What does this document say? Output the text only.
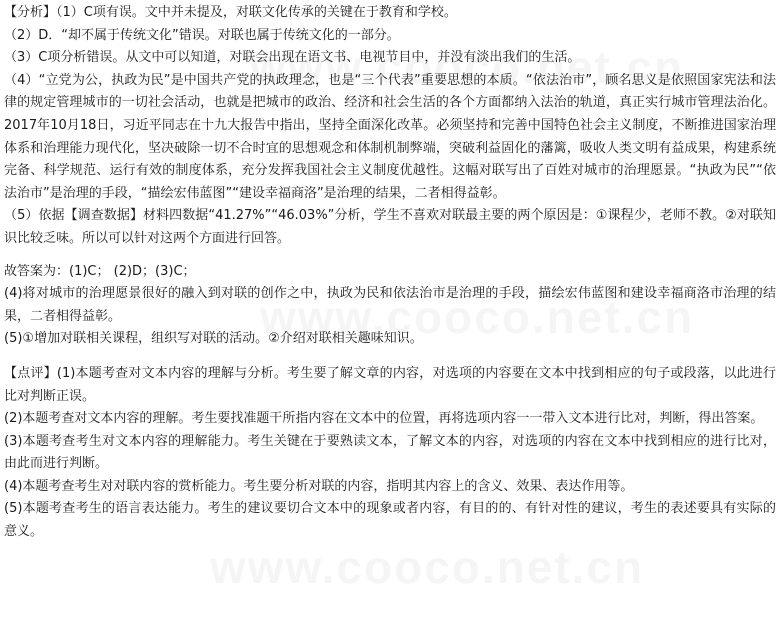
【分析】（1）C项有误。文中并未提及，对联文化传承的关键在于教育和学校。

（2）D．“却不属于传统文化”错误。对联也属于传统文化的一部分。

（3）C项分析错误。从文中可以知道，对联会出现在语文书、电视节目中，并没有淡出我们的生活。

（4）“立党为公，执政为民”是中国共产党的执政理念，也是“三个代表”重要思想的本质。“依法治市”，顾名思义是依照国家宪法和法律的规定管理城市的一切社会活动，也就是把城市的政治、经济和社会生活的各个方面都纳入法治的轨道，真正实行城市管理法治化。2017年10月18日，习近平同志在十九大报告中指出，坚持全面深化改革。必须坚持和完善中国特色社会主义制度，不断推进国家治理体系和治理能力现代化，坚决破除一切不合时宜的思想观念和体制机制弊端，突破利益固化的藩篱，吸收人类文明有益成果，构建系统完备、科学规范、运行有效的制度体系，充分发挥我国社会主义制度优越性。这幅对联写出了百姓对城市的治理愿景。“执政为民”“依法治市”是治理的手段，“描绘宏伟蓝图”“建设幸福商洛”是治理的结果，二者相得益彰。

（5）依据【调查数据】材料四数据“41.27%”“46.03%”分析，学生不喜欢对联最主要的两个原因是：①课程少，老师不教。②对联知识比较乏味。所以可以针对这两个方面进行回答。

故答案为：(1)C； (2)D；(3)C；

(4)将对城市的治理愿景很好的融入到对联的创作之中，执政为民和依法治市是治理的手段，描绘宏伟蓝图和建设幸福商洛市治理的结果，二者相得益彰。

(5)①增加对联相关课程，组织写对联的活动。②介绍对联相关趣味知识。

【点评】(1)本题考查对文本内容的理解与分析。考生要了解文章的内容，对选项的内容要在文本中找到相应的句子或段落，以此进行比对判断正误。

(2)本题考查对文本内容的理解。考生要找准题干所指内容在文本中的位置，再将选项内容一一带入文本进行比对，判断，得出答案。

(3)本题考查考生对文本内容的理解能力。考生关键在于要熟读文本，了解文本的内容，对选项的内容在文本中找到相应的进行比对，由此而进行判断。

(4)本题考查考生对对联内容的赏析能力。考生要分析对联的内容，指明其内容上的含义、效果、表达作用等。

(5)本题考查考生的语言表达能力。考生的建议要切合文本中的现象或者内容，有目的的、有针对性的建议，考生的表述要具有实际的意义。
